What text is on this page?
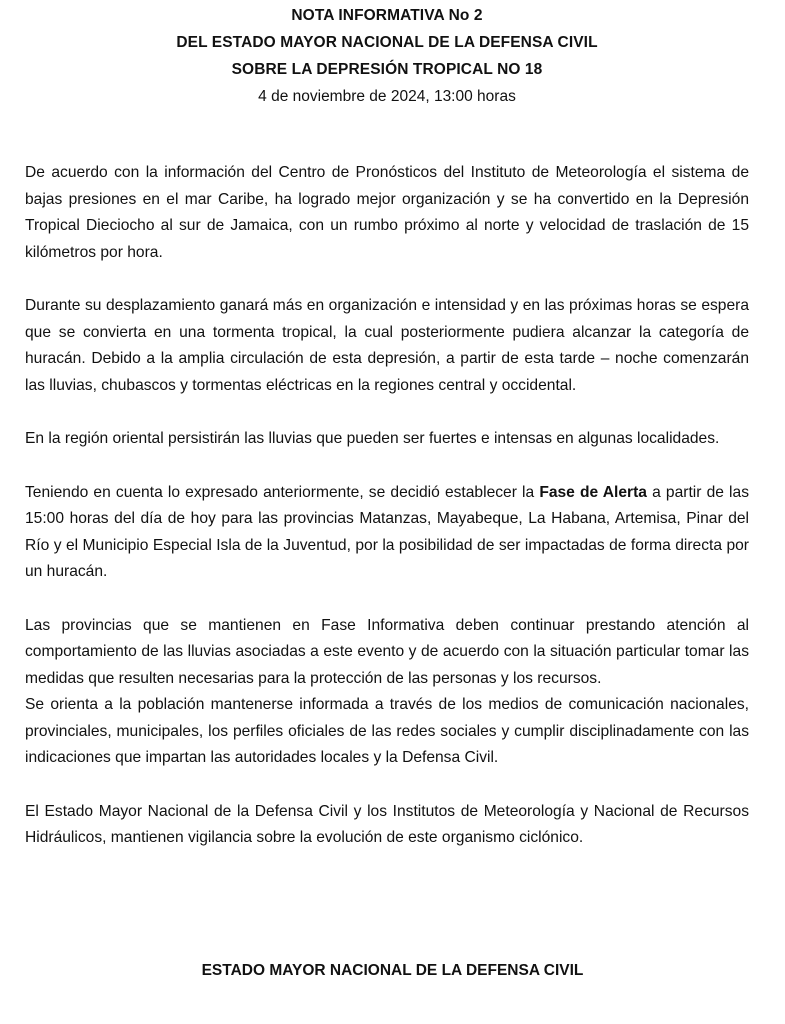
NOTA INFORMATIVA No 2
DEL ESTADO MAYOR NACIONAL DE LA DEFENSA CIVIL
SOBRE LA DEPRESIÓN TROPICAL NO 18
4 de noviembre de 2024, 13:00 horas

De acuerdo con la información del Centro de Pronósticos del Instituto de Meteorología el sistema de bajas presiones en el mar Caribe, ha logrado mejor organización y se ha convertido en la Depresión Tropical Dieciocho al sur de Jamaica, con un rumbo próximo al norte y velocidad de traslación de 15 kilómetros por hora.

Durante su desplazamiento ganará más en organización e intensidad y en las próximas horas se espera que se convierta en una tormenta tropical, la cual posteriormente pudiera alcanzar la categoría de huracán. Debido a la amplia circulación de esta depresión, a partir de esta tarde – noche comenzarán las lluvias, chubascos y tormentas eléctricas en la regiones central y occidental.

En la región oriental persistirán las lluvias que pueden ser fuertes e intensas en algunas localidades.

Teniendo en cuenta lo expresado anteriormente, se decidió establecer la Fase de Alerta a partir de las 15:00 horas del día de hoy para las provincias Matanzas, Mayabeque, La Habana, Artemisa, Pinar del Río y el Municipio Especial Isla de la Juventud, por la posibilidad de ser impactadas de forma directa por un huracán.

Las provincias que se mantienen en Fase Informativa deben continuar prestando atención al comportamiento de las lluvias asociadas a este evento y de acuerdo con la situación particular tomar las medidas que resulten necesarias para la protección de las personas y los recursos.

Se orienta a la población mantenerse informada a través de los medios de comunicación nacionales, provinciales, municipales, los perfiles oficiales de las redes sociales y cumplir disciplinadamente con las indicaciones que impartan las autoridades locales y la Defensa Civil.

El Estado Mayor Nacional de la Defensa Civil y los Institutos de Meteorología y Nacional de Recursos Hidráulicos, mantienen vigilancia sobre la evolución de este organismo ciclónico.

ESTADO MAYOR NACIONAL DE LA DEFENSA CIVIL
